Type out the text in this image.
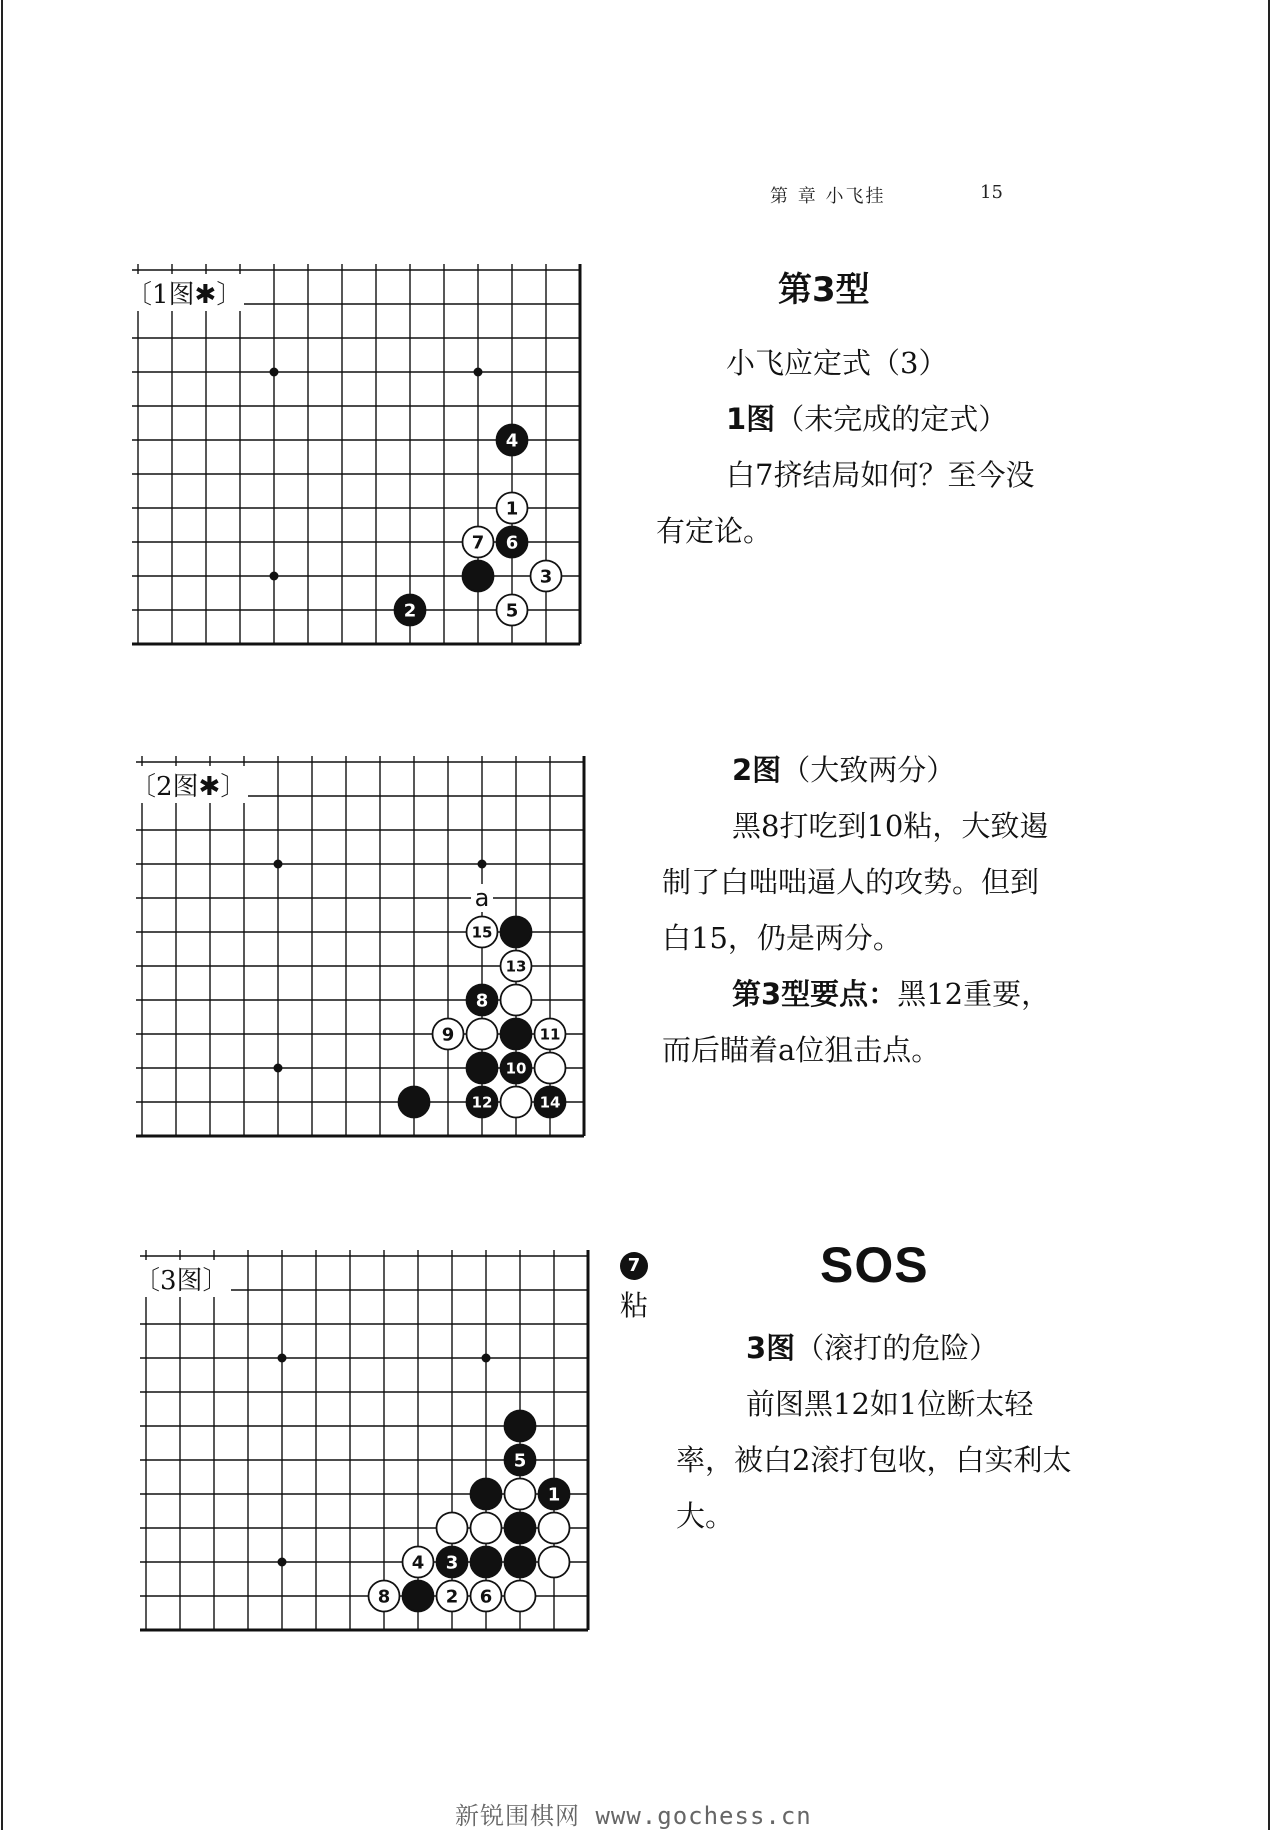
第 章 小飞挂	15
4
1
7 6
3
2	5
〔1图✱〕	第3型
小飞应定式（3）
1图（未完成的定式）
白7挤结局如何？至今没有定论。
a
15
13
8
9	11
10
12	14
〔2图✱〕	2图（大致两分）
黑8打吃到10粘，大致遏制了白咄咄逼人的攻势。但到白15，仍是两分。
第3型要点：黑12重要，而后瞄着a位狙击点。
5
1
4 3
8	2 6
〔3图〕
7
粘
SOS
3图（滚打的危险）
前图黑12如1位断太轻率，被白2滚打包收，白实利太大。
新锐围棋网 www.gochess.cn
